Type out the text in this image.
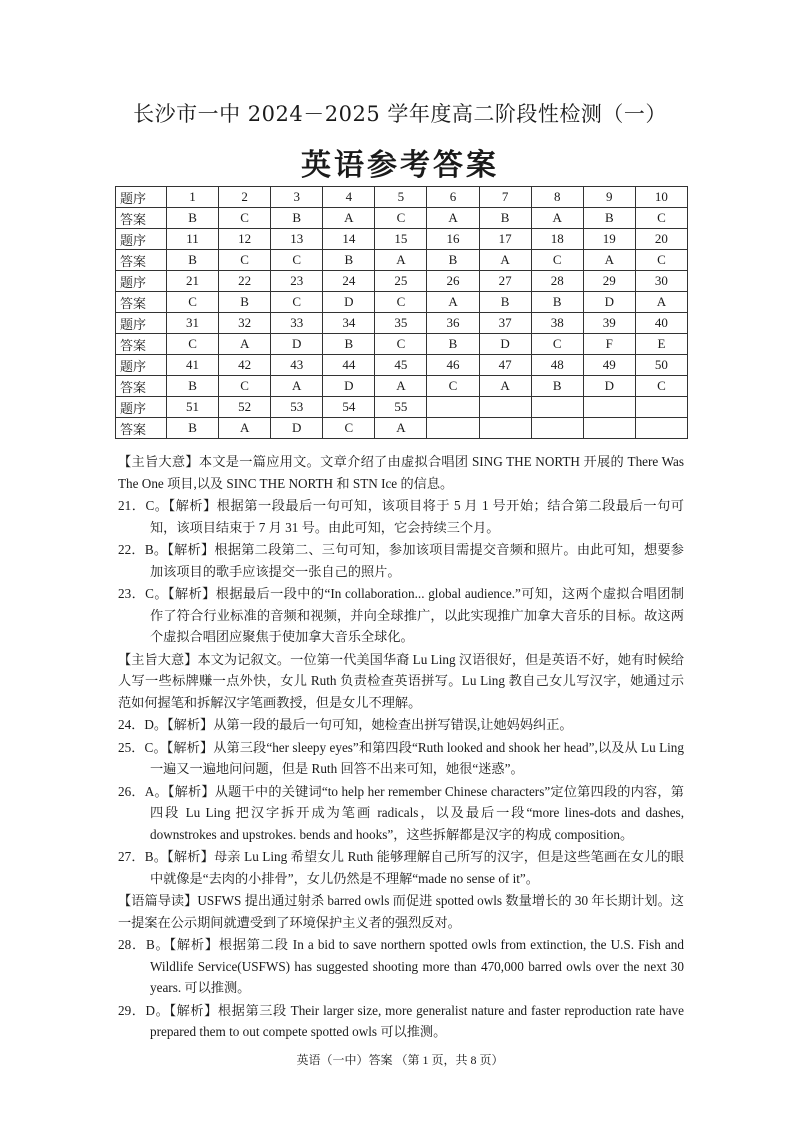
长沙市一中 2024－2025 学年度高二阶段性检测（一）
英语参考答案
题序	1	2	3	4	5	6	7	8	9	10
答案	B	C	B	A	C	A	B	A	B	C
题序	11	12	13	14	15	16	17	18	19	20
答案	B	C	C	B	A	B	A	C	A	C
题序	21	22	23	24	25	26	27	28	29	30
答案	C	B	C	D	C	A	B	B	D	A
题序	31	32	33	34	35	36	37	38	39	40
答案	C	A	D	B	C	B	D	C	F	E
题序	41	42	43	44	45	46	47	48	49	50
答案	B	C	A	D	A	C	A	B	D	C
题序	51	52	53	54	55					
答案	B	A	D	C	A					

【主旨大意】本文是一篇应用文。文章介绍了由虚拟合唱团 SING THE NORTH 开展的 There Was The One 项目,以及 SINC THE NORTH 和 STN Ice 的信息。

21．C。【解析】根据第一段最后一句可知，该项目将于 5 月 1 号开始；结合第二段最后一句可知，该项目结束于 7 月 31 号。由此可知，它会持续三个月。

22．B。【解析】根据第二段第二、三句可知，参加该项目需提交音频和照片。由此可知，想要参加该项目的歌手应该提交一张自己的照片。

23．C。【解析】根据最后一段中的“In collaboration... global audience.”可知，这两个虚拟合唱团制作了符合行业标准的音频和视频，并向全球推广，以此实现推广加拿大音乐的目标。故这两个虚拟合唱团应聚焦于使加拿大音乐全球化。

【主旨大意】本文为记叙文。一位第一代美国华裔 Lu Ling 汉语很好，但是英语不好，她有时候给人写一些标牌赚一点外快，女儿 Ruth 负责检查英语拼写。Lu Ling 教自己女儿写汉字，她通过示范如何握笔和拆解汉字笔画教授，但是女儿不理解。

24．D。【解析】从第一段的最后一句可知，她检查出拼写错误,让她妈妈纠正。

25．C。【解析】从第三段“her sleepy eyes”和第四段“Ruth looked and shook her head”,以及从 Lu Ling 一遍又一遍地问问题，但是 Ruth 回答不出来可知，她很“迷惑”。

26．A。【解析】从题干中的关键词“to help her remember Chinese characters”定位第四段的内容，第四段 Lu Ling 把汉字拆开成为笔画 radicals，以及最后一段“more lines-dots and dashes, downstrokes and upstrokes. bends and hooks”，这些拆解都是汉字的构成 composition。

27．B。【解析】母亲 Lu Ling 希望女儿 Ruth 能够理解自己所写的汉字，但是这些笔画在女儿的眼中就像是“去肉的小排骨”，女儿仍然是不理解“made no sense of it”。

【语篇导读】USFWS 提出通过射杀 barred owls 而促进 spotted owls 数量增长的 30 年长期计划。这一提案在公示期间就遭受到了环境保护主义者的强烈反对。

28．B。【解析】根据第二段 In a bid to save northern spotted owls from extinction, the U.S. Fish and Wildlife Service(USFWS) has suggested shooting more than 470,000 barred owls over the next 30 years. 可以推测。

29．D。【解析】根据第三段 Their larger size, more generalist nature and faster reproduction rate have prepared them to out compete spotted owls 可以推测。

英语（一中）答案 （第 1 页，共 8 页）
